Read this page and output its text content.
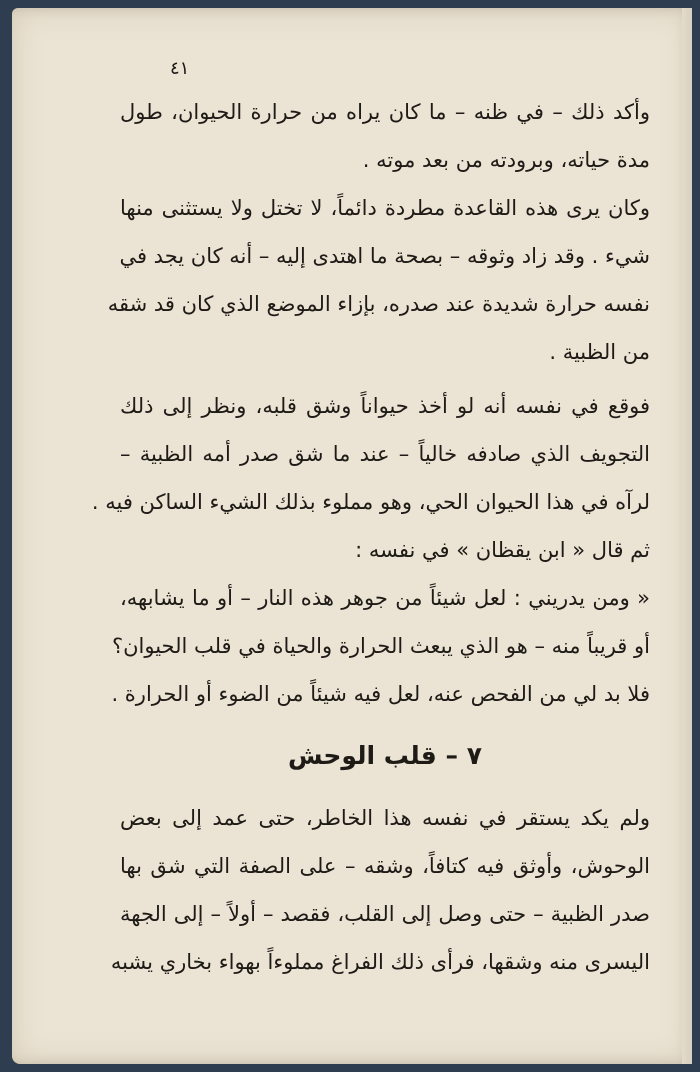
٤١
وأكد ذلك – في ظنه – ما كان يراه من حرارة الحيوان، طول
مدة حياته، وبرودته من بعد موته .
وكان يرى هذه القاعدة مطردة دائماً، لا تختل ولا يستثنى منها
شيء . وقد زاد وثوقه – بصحة ما اهتدى إليه – أنه كان يجد في
نفسه حرارة شديدة عند صدره، بإزاء الموضع الذي كان قد شقه
من الظبية .
فوقع في نفسه أنه لو أخذ حيواناً وشق قلبه، ونظر إلى ذلك
التجويف الذي صادفه خالياً – عند ما شق صدر أمه الظبية –
لرآه في هذا الحيوان الحي، وهو مملوء بذلك الشيء الساكن فيه .
ثم قال « ابن يقظان » في نفسه :
« ومن يدريني : لعل شيئاً من جوهر هذه النار – أو ما يشابهه،
أو قريباً منه – هو الذي يبعث الحرارة والحياة في قلب الحيوان؟
فلا بد لي من الفحص عنه، لعل فيه شيئاً من الضوء أو الحرارة .
٧ – قلب الوحش
ولم يكد يستقر في نفسه هذا الخاطر، حتى عمد إلى بعض
الوحوش، وأوثق فيه كتافاً، وشقه – على الصفة التي شق بها
صدر الظبية – حتى وصل إلى القلب، فقصد – أولاً – إلى الجهة
اليسرى منه وشقها، فرأى ذلك الفراغ مملوءاً بهواء بخاري يشبه
